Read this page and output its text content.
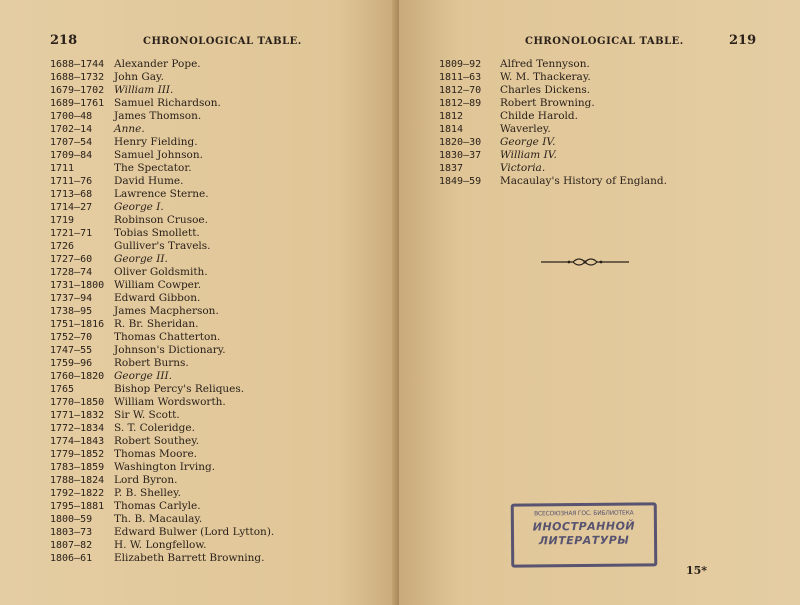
218	CHRONOLOGICAL TABLE.
1688—1744 Alexander Pope.
1688—1732 John Gay.
1679—1702 William III.
1689—1761 Samuel Richardson.
1700—48 James Thomson.
1702—14 Anne.
1707—54 Henry Fielding.
1709—84 Samuel Johnson.
1711	The Spectator.
1711—76 David Hume.
1713—68 Lawrence Sterne.
1714—27 George I.
1719	Robinson Crusoe.
1721—71 Tobias Smollett.
1726	Gulliver's Travels.
1727—60 George II.
1728—74 Oliver Goldsmith.
1731—1800 William Cowper.
1737—94 Edward Gibbon.
1738—95 James Macpherson.
1751—1816 R. Br. Sheridan.
1752—70 Thomas Chatterton.
1747—55 Johnson's Dictionary.
1759—96 Robert Burns.
1760—1820 George III.
1765	Bishop Percy's Reliques.
1770—1850 William Wordsworth.
1771—1832 Sir W. Scott.
1772—1834 S. T. Coleridge.
1774—1843 Robert Southey.
1779—1852 Thomas Moore.
1783—1859 Washington Irving.
1788—1824 Lord Byron.
1792—1822 P. B. Shelley.
1795—1881 Thomas Carlyle.
1800—59 Th. B. Macaulay.
1803—73 Edward Bulwer (Lord Lytton).
1807—82 H. W. Longfellow.
1806—61 Elizabeth Barrett Browning.
CHRONOLOGICAL TABLE.	219
1809—92 Alfred Tennyson.
1811—63 W. M. Thackeray.
1812—70 Charles Dickens.
1812—89 Robert Browning.
1812	Childe Harold.
1814	Waverley.
1820—30 George IV.
1830—37 William IV.
1837	Victoria.
1849—59 Macaulay's History of England.
ВСЕСОЮЗНАЯ ГОС. БИБЛИОТЕКА
ИНОСТРАННОЙ
ЛИТЕРАТУРЫ
15*
